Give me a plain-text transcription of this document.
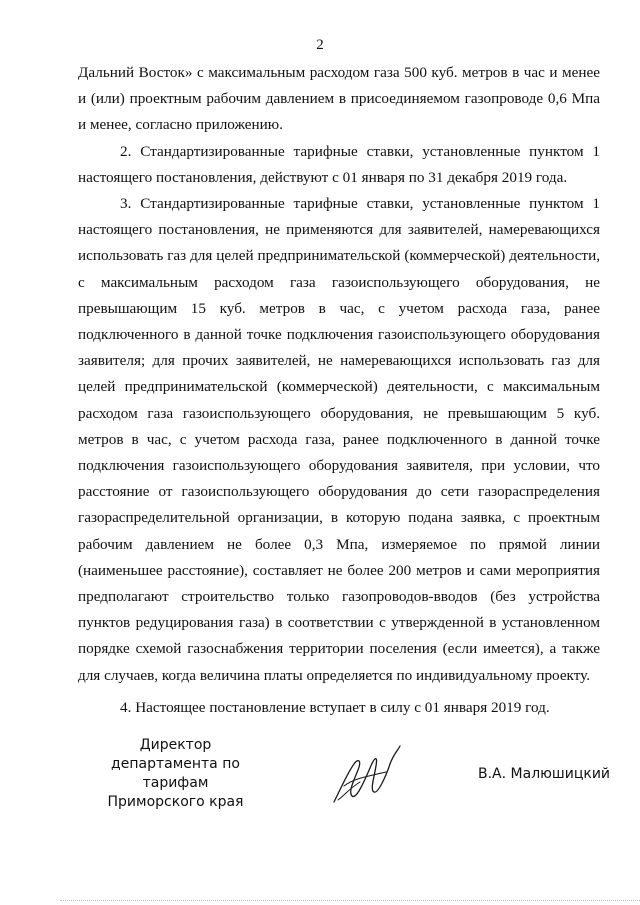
2

Дальний Восток» с максимальным расходом газа 500 куб. метров в час и менее и (или) проектным рабочим давлением в присоединяемом газопроводе 0,6 Мпа и менее, согласно приложению.

2. Стандартизированные тарифные ставки, установленные пунктом 1 настоящего постановления, действуют с 01 января по 31 декабря 2019 года.

3. Стандартизированные тарифные ставки, установленные пунктом 1 настоящего постановления, не применяются для заявителей, намеревающихся использовать газ для целей предпринимательской (коммерческой) деятельности, с максимальным расходом газа газоиспользующего оборудования, не превышающим 15 куб. метров в час, с учетом расхода газа, ранее подключенного в данной точке подключения газоиспользующего оборудования заявителя; для прочих заявителей, не намеревающихся использовать газ для целей предпринимательской (коммерческой) деятельности, с максимальным расходом газа газоиспользующего оборудования, не превышающим 5 куб. метров в час, с учетом расхода газа, ранее подключенного в данной точке подключения газоиспользующего оборудования заявителя, при условии, что расстояние от газоиспользующего оборудования до сети газораспределения газораспределительной организации, в которую подана заявка, с проектным рабочим давлением не более 0,3 Мпа, измеряемое по прямой линии (наименьшее расстояние), составляет не более 200 метров и сами мероприятия предполагают строительство только газопроводов-вводов (без устройства пунктов редуцирования газа) в соответствии с утвержденной в установленном порядке схемой газоснабжения территории поселения (если имеется), а также для случаев, когда величина платы определяется по индивидуальному проекту.

4. Настоящее постановление вступает в силу с 01 января 2019 год.

Директор
департамента по тарифам
Приморского края
В.А. Малюшицкий
